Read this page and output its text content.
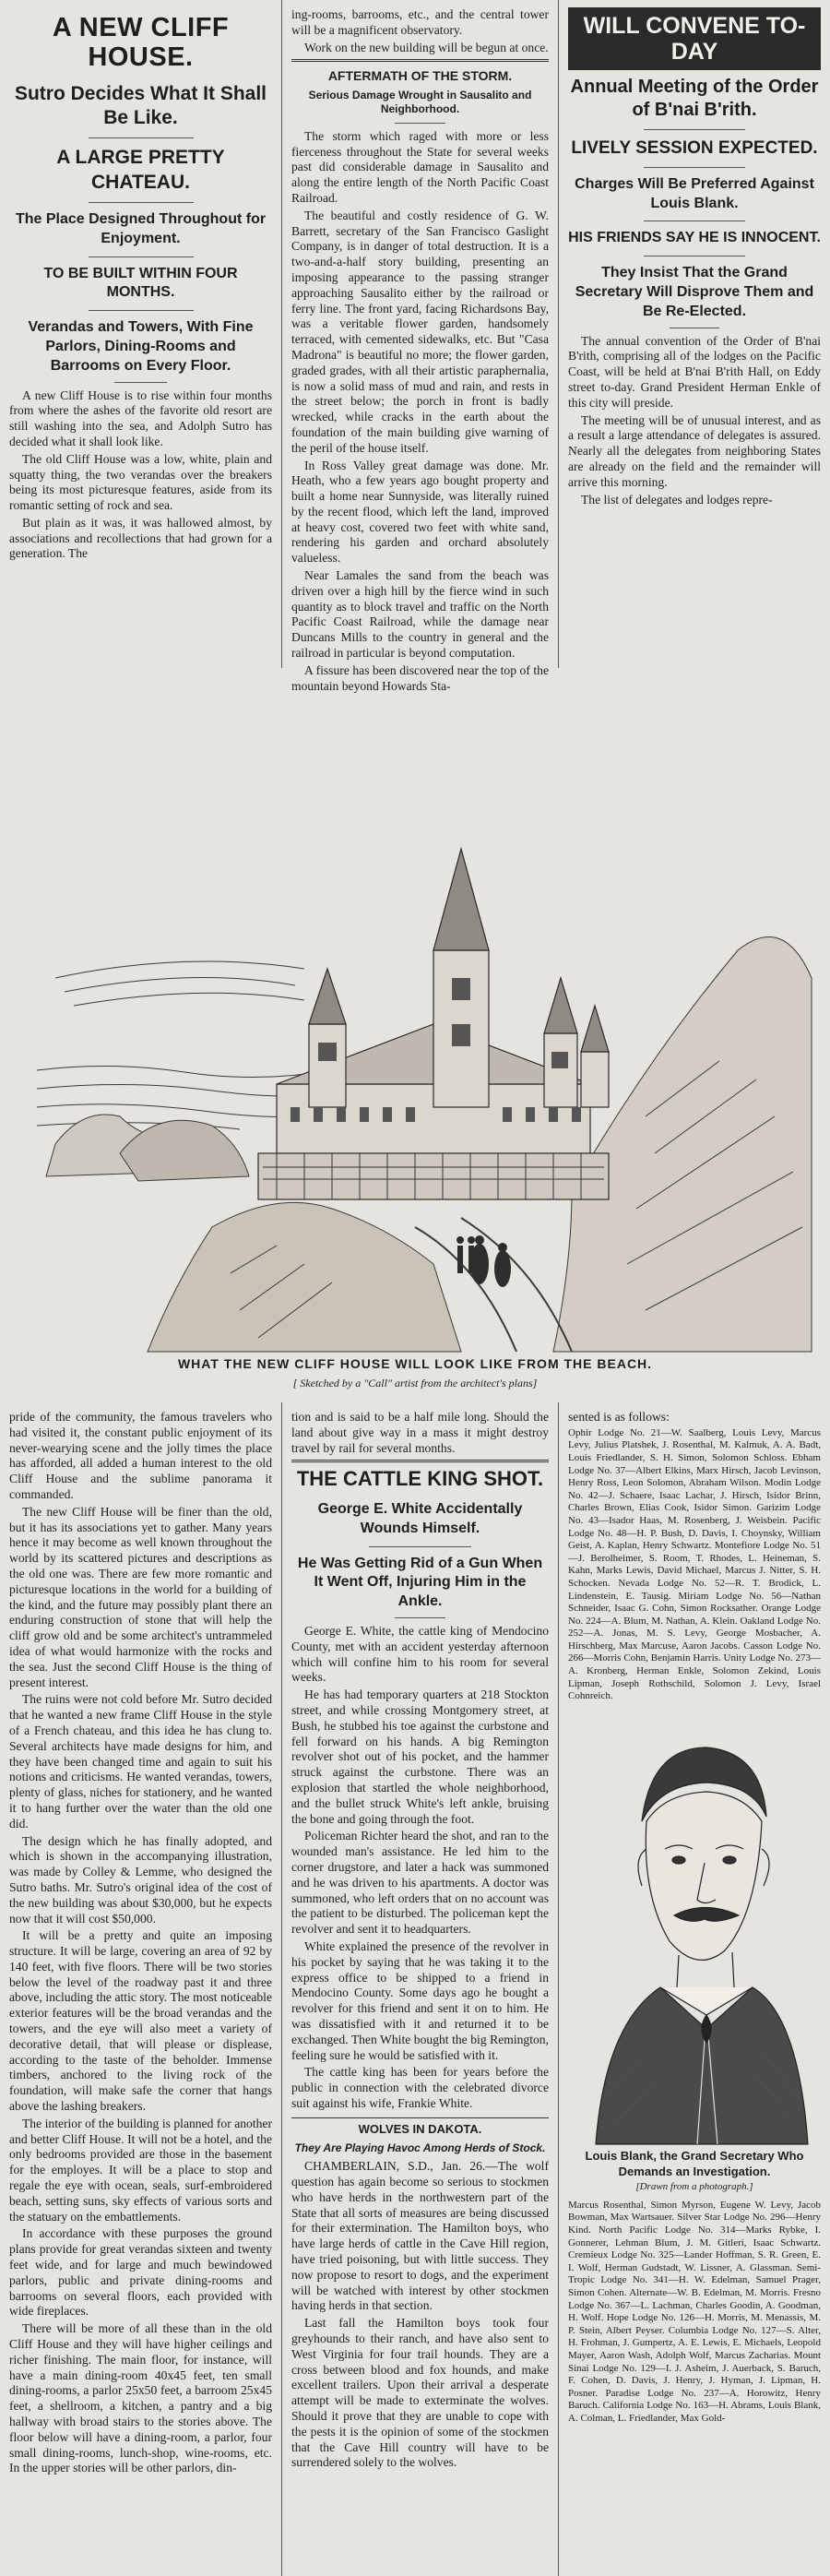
A NEW CLIFF HOUSE.
Sutro Decides What It Shall Be Like.
A LARGE PRETTY CHATEAU.
The Place Designed Throughout for Enjoyment.
TO BE BUILT WITHIN FOUR MONTHS.
Verandas and Towers, With Fine Parlors, Dining-Rooms and Barrooms on Every Floor.

A new Cliff House is to rise within four months from where the ashes of the favorite old resort are still washing into the sea, and Adolph Sutro has decided what it shall look like.

The old Cliff House was a low, white, plain and squatty thing, the two verandas over the breakers being its most picturesque features, aside from its romantic setting of rock and sea.

But plain as it was, it was hallowed almost, by associations and recollections that had grown for a generation. The

ing-rooms, barrooms, etc., and the central tower will be a magnificent observatory.

Work on the new building will be begun at once.

AFTERMATH OF THE STORM.
Serious Damage Wrought in Sausalito and Neighborhood.

The storm which raged with more or less fierceness throughout the State for several weeks past did considerable damage in Sausalito and along the entire length of the North Pacific Coast Railroad.

The beautiful and costly residence of G. W. Barrett, secretary of the San Francisco Gaslight Company, is in danger of total destruction. It is a two-and-a-half story building, presenting an imposing appearance to the passing stranger approaching Sausalito either by the railroad or ferry line. The front yard, facing Richardsons Bay, was a veritable flower garden, handsomely terraced, with cemented sidewalks, etc. But "Casa Madrona" is beautiful no more; the flower garden, graded grades, with all their artistic paraphernalia, is now a solid mass of mud and rain, and rests in the street below; the porch in front is badly wrecked, while cracks in the earth about the foundation of the main building give warning of the peril of the house itself.

In Ross Valley great damage was done. Mr. Heath, who a few years ago bought property and built a home near Sunnyside, was literally ruined by the recent flood, which left the land, improved at heavy cost, covered two feet with white sand, rendering his garden and orchard absolutely valueless.

Near Lamales the sand from the beach was driven over a high hill by the fierce wind in such quantity as to block travel and traffic on the North Pacific Coast Railroad, while the damage near Duncans Mills to the country in general and the railroad in particular is beyond computation.

A fissure has been discovered near the top of the mountain beyond Howards Sta-

WILL CONVENE TO-DAY
Annual Meeting of the Order of B'nai B'rith.
LIVELY SESSION EXPECTED.
Charges Will Be Preferred Against Louis Blank.
HIS FRIENDS SAY HE IS INNOCENT.
They Insist That the Grand Secretary Will Disprove Them and Be Re-Elected.

The annual convention of the Order of B'nai B'rith, comprising all of the lodges on the Pacific Coast, will be held at B'nai B'rith Hall, on Eddy street to-day. Grand President Herman Enkle of this city will preside.

The meeting will be of unusual interest, and as a result a large attendance of delegates is assured. Nearly all the delegates from neighboring States are already on the field and the remainder will arrive this morning.

The list of delegates and lodges repre-

WHAT THE NEW CLIFF HOUSE WILL LOOK LIKE FROM THE BEACH.
[ Sketched by a "Call" artist from the architect's plans]

pride of the community, the famous travelers who had visited it, the constant public enjoyment of its never-wearying scene and the jolly times the place has afforded, all added a human interest to the old Cliff House and the sublime panorama it commanded.

The new Cliff House will be finer than the old, but it has its associations yet to gather. Many years hence it may become as well known throughout the world by its scattered pictures and descriptions as the old one was. There are few more romantic and picturesque locations in the world for a building of the kind, and the future may possibly plant there an enduring construction of stone that will help the cliff grow old and be some architect's untrammeled idea of what would harmonize with the rocks and the sea. Just the second Cliff House is the thing of present interest.

The ruins were not cold before Mr. Sutro decided that he wanted a new frame Cliff House in the style of a French chateau, and this idea he has clung to. Several architects have made designs for him, and they have been changed time and again to suit his notions and criticisms. He wanted verandas, towers, plenty of glass, niches for stationery, and he wanted it to hang further over the water than the old one did.

The design which he has finally adopted, and which is shown in the accompanying illustration, was made by Colley & Lemme, who designed the Sutro baths. Mr. Sutro's original idea of the cost of the new building was about $30,000, but he expects now that it will cost $50,000.

It will be a pretty and quite an imposing structure. It will be large, covering an area of 92 by 140 feet, with five floors. There will be two stories below the level of the roadway past it and three above, including the attic story. The most noticeable exterior features will be the broad verandas and the towers, and the eye will also meet a variety of decorative detail, that will please or displease, according to the taste of the beholder. Immense timbers, anchored to the living rock of the foundation, will make safe the corner that hangs above the lashing breakers.

The interior of the building is planned for another and better Cliff House. It will not be a hotel, and the only bedrooms provided are those in the basement for the employes. It will be a place to stop and regale the eye with ocean, seals, surf-embroidered beach, setting suns, sky effects of various sorts and the statuary on the embattlements.

In accordance with these purposes the ground plans provide for great verandas sixteen and twenty feet wide, and for large and much bewindowed parlors, public and private dining-rooms and barrooms on several floors, each provided with wide fireplaces.

There will be more of all these than in the old Cliff House and they will have higher ceilings and richer finishing. The main floor, for instance, will have a main dining-room 40x45 feet, ten small dining-rooms, a parlor 25x50 feet, a barroom 25x45 feet, a shellroom, a kitchen, a pantry and a big hallway with broad stairs to the stories above. The floor below will have a dining-room, a parlor, four small dining-rooms, lunch-shop, wine-rooms, etc. In the upper stories will be other parlors, din-

tion and is said to be a half mile long. Should the land about give way in a mass it might destroy travel by rail for several months.

THE CATTLE KING SHOT.
George E. White Accidentally Wounds Himself.
He Was Getting Rid of a Gun When It Went Off, Injuring Him in the Ankle.

George E. White, the cattle king of Mendocino County, met with an accident yesterday afternoon which will confine him to his room for several weeks.

He has had temporary quarters at 218 Stockton street, and while crossing Montgomery street, at Bush, he stubbed his toe against the curbstone and fell forward on his hands. A big Remington revolver shot out of his pocket, and the hammer struck against the curbstone. There was an explosion that startled the whole neighborhood, and the bullet struck White's left ankle, bruising the bone and going through the foot.

Policeman Richter heard the shot, and ran to the wounded man's assistance. He led him to the corner drugstore, and later a hack was summoned and he was driven to his apartments. A doctor was summoned, who left orders that on no account was the patient to be disturbed. The policeman kept the revolver and sent it to headquarters.

White explained the presence of the revolver in his pocket by saying that he was taking it to the express office to be shipped to a friend in Mendocino County. Some days ago he bought a revolver for this friend and sent it on to him. He was dissatisfied with it and returned it to be exchanged. Then White bought the big Remington, feeling sure he would be satisfied with it.

The cattle king has been for years before the public in connection with the celebrated divorce suit against his wife, Frankie White.

WOLVES IN DAKOTA.
They Are Playing Havoc Among Herds of Stock.

CHAMBERLAIN, S.D., Jan. 26.—The wolf question has again become so serious to stockmen who have herds in the northwestern part of the State that all sorts of measures are being discussed for their extermination. The Hamilton boys, who have large herds of cattle in the Cave Hill region, have tried poisoning, but with little success. They now propose to resort to dogs, and the experiment will be watched with interest by other stockmen having herds in that section.

Last fall the Hamilton boys took four greyhounds to their ranch, and have also sent to West Virginia for four trail hounds. They are a cross between blood and fox hounds, and make excellent trailers. Upon their arrival a desperate attempt will be made to exterminate the wolves. Should it prove that they are unable to cope with the pests it is the opinion of some of the stockmen that the Cave Hill country will have to be surrendered solely to the wolves.

sented is as follows:

Ophir Lodge No. 21—W. Saalberg, Louis Levy, Marcus Levy, Julius Platshek, J. Rosenthal, M. Kalmuk, A. A. Badt, Louis Friedlander, S. H. Simon, Solomon Schloss. Ebham Lodge No. 37—Albert Elkins, Marx Hirsch, Jacob Levinson, Henry Ross, Leon Solomon, Abraham Wilson. Modin Lodge No. 42—J. Schaere, Isaac Lachar, J. Hirsch, Isidor Brinn, Charles Brown, Elias Cook, Isidor Simon. Garizim Lodge No. 43—Isador Haas, M. Rosenberg, J. Weisbein. Pacific Lodge No. 48—H. P. Bush, D. Davis, I. Choynsky, William Geist, A. Kaplan, Henry Schwartz. Montefiore Lodge No. 51—J. Berolheimer, S. Room, T. Rhodes, L. Heineman, S. Kahn, Marks Lewis, David Michael, Marcus J. Nitter, S. H. Schocken. Nevada Lodge No. 52—R. T. Brodick, L. Lindenstein, E. Tausig. Miriam Lodge No. 56—Nathan Schneider, Isaac G. Cohn, Simon Rocksather. Orange Lodge No. 224—A. Blum, M. Nathan, A. Klein. Oakland Lodge No. 252—A. Jonas, M. S. Levy, George Mosbacher, A. Hirschberg, Max Marcuse, Aaron Jacobs. Casson Lodge No. 266—Morris Cohn, Benjamin Harris. Unity Lodge No. 273—A. Kronberg, Herman Enkle, Solomon Zekind, Louis Lipman, Joseph Rothschild, Solomon J. Levy, Israel Cohnreich.

Louis Blank, the Grand Secretary Who Demands an Investigation.
[Drawn from a photograph.]

Marcus Rosenthal, Simon Myrson, Eugene W. Levy, Jacob Bowman, Max Wartsauer. Silver Star Lodge No. 296—Henry Kind. North Pacific Lodge No. 314—Marks Rybke, I. Gonnerer, Lehman Blum, J. M. Gitleri, Isaac Schwartz. Cremieux Lodge No. 325—Lander Hoffman, S. R. Green, E. I. Wolf, Herman Gudstadt, W. Lissner, A. Glassman. Semi-Tropic Lodge No. 341—H. W. Edelman, Samuel Prager, Simon Cohen. Alternate—W. B. Edelman, M. Morris. Fresno Lodge No. 367—L. Lachman, Charles Goodin, A. Goodman, H. Wolf. Hope Lodge No. 126—H. Morris, M. Menassis, M. P. Stein, Albert Peyser. Columbia Lodge No. 127—S. Alter, H. Frohman, J. Gumpertz, A. E. Lewis, E. Michaels, Leopold Mayer, Aaron Wash, Adolph Wolf, Marcus Zacharias. Mount Sinai Lodge No. 129—I. J. Asheim, J. Auerback, S. Baruch, F. Cohen, D. Davis, J. Henry, J. Hyman, J. Lipman, H. Posner. Paradise Lodge No. 237—A. Horowitz, Henry Baruch. California Lodge No. 163—H. Abrams, Louis Blank, A. Colman, L. Friedlander, Max Gold-
